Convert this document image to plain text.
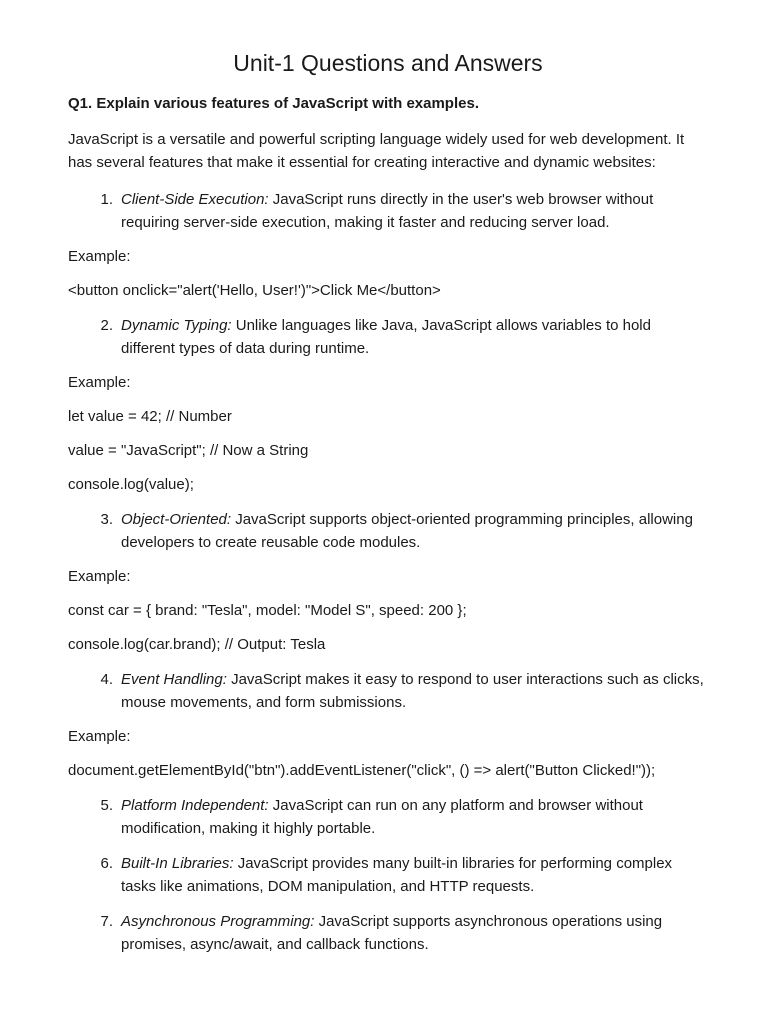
Unit-1 Questions and Answers
Q1. Explain various features of JavaScript with examples.

JavaScript is a versatile and powerful scripting language widely used for web development. It has several features that make it essential for creating interactive and dynamic websites:

1. Client-Side Execution: JavaScript runs directly in the user's web browser without requiring server-side execution, making it faster and reducing server load.
Example:
<button onclick="alert('Hello, User!')">Click Me</button>
2. Dynamic Typing: Unlike languages like Java, JavaScript allows variables to hold different types of data during runtime.
Example:
let value = 42; // Number
value = "JavaScript"; // Now a String
console.log(value);
3. Object-Oriented: JavaScript supports object-oriented programming principles, allowing developers to create reusable code modules.
Example:
const car = { brand: "Tesla", model: "Model S", speed: 200 };
console.log(car.brand); // Output: Tesla
4. Event Handling: JavaScript makes it easy to respond to user interactions such as clicks, mouse movements, and form submissions.
Example:
document.getElementById("btn").addEventListener("click", () => alert("Button Clicked!"));
5. Platform Independent: JavaScript can run on any platform and browser without modification, making it highly portable.
6. Built-In Libraries: JavaScript provides many built-in libraries for performing complex tasks like animations, DOM manipulation, and HTTP requests.
7. Asynchronous Programming: JavaScript supports asynchronous operations using promises, async/await, and callback functions.
